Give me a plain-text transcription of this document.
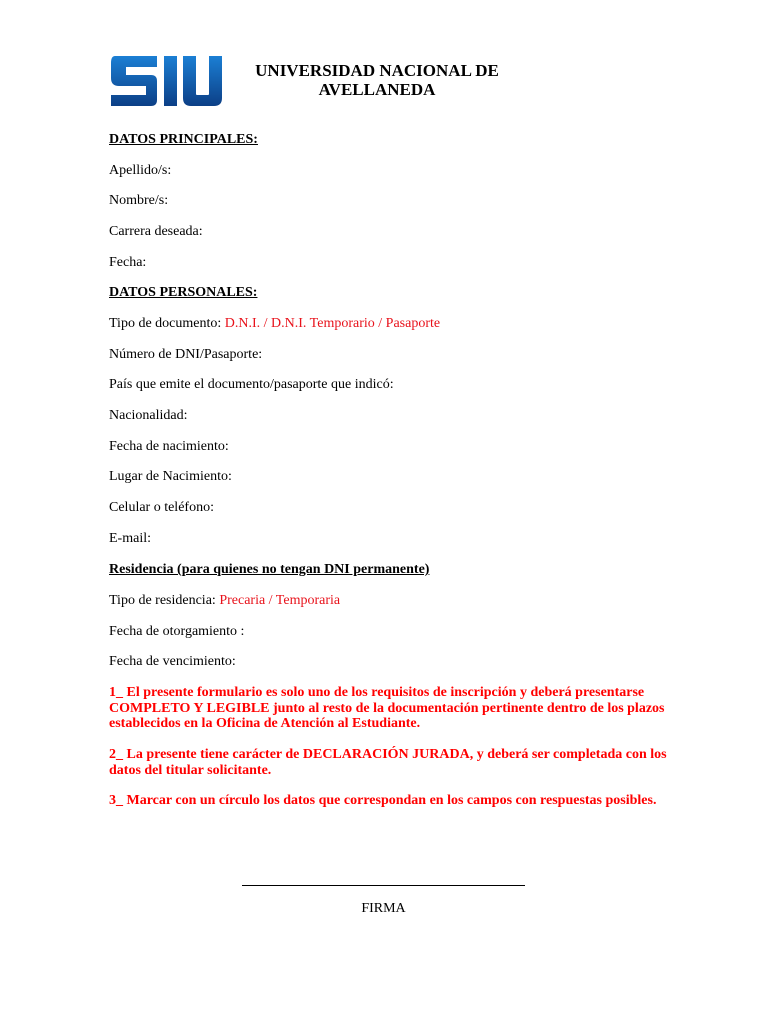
UNIVERSIDAD NACIONAL DE AVELLANEDA
DATOS PRINCIPALES:
Apellido/s:
Nombre/s:
Carrera deseada:
Fecha:
DATOS PERSONALES:
Tipo de documento: D.N.I. / D.N.I. Temporario / Pasaporte
Número de DNI/Pasaporte:
País que emite el documento/pasaporte que indicó:
Nacionalidad:
Fecha de nacimiento:
Lugar de Nacimiento:
Celular o teléfono:
E-mail:
Residencia (para quienes no tengan DNI permanente)
Tipo de residencia: Precaria / Temporaria
Fecha de otorgamiento :
Fecha de vencimiento:
1_ El presente formulario es solo uno de los requisitos de inscripción y deberá presentarse COMPLETO Y LEGIBLE junto al resto de la documentación pertinente dentro de los plazos establecidos en la Oficina de Atención al Estudiante.
2_ La presente tiene carácter de DECLARACIÓN JURADA, y deberá ser completada con los datos del titular solicitante.
3_ Marcar con un círculo los datos que correspondan en los campos con respuestas posibles.
FIRMA
